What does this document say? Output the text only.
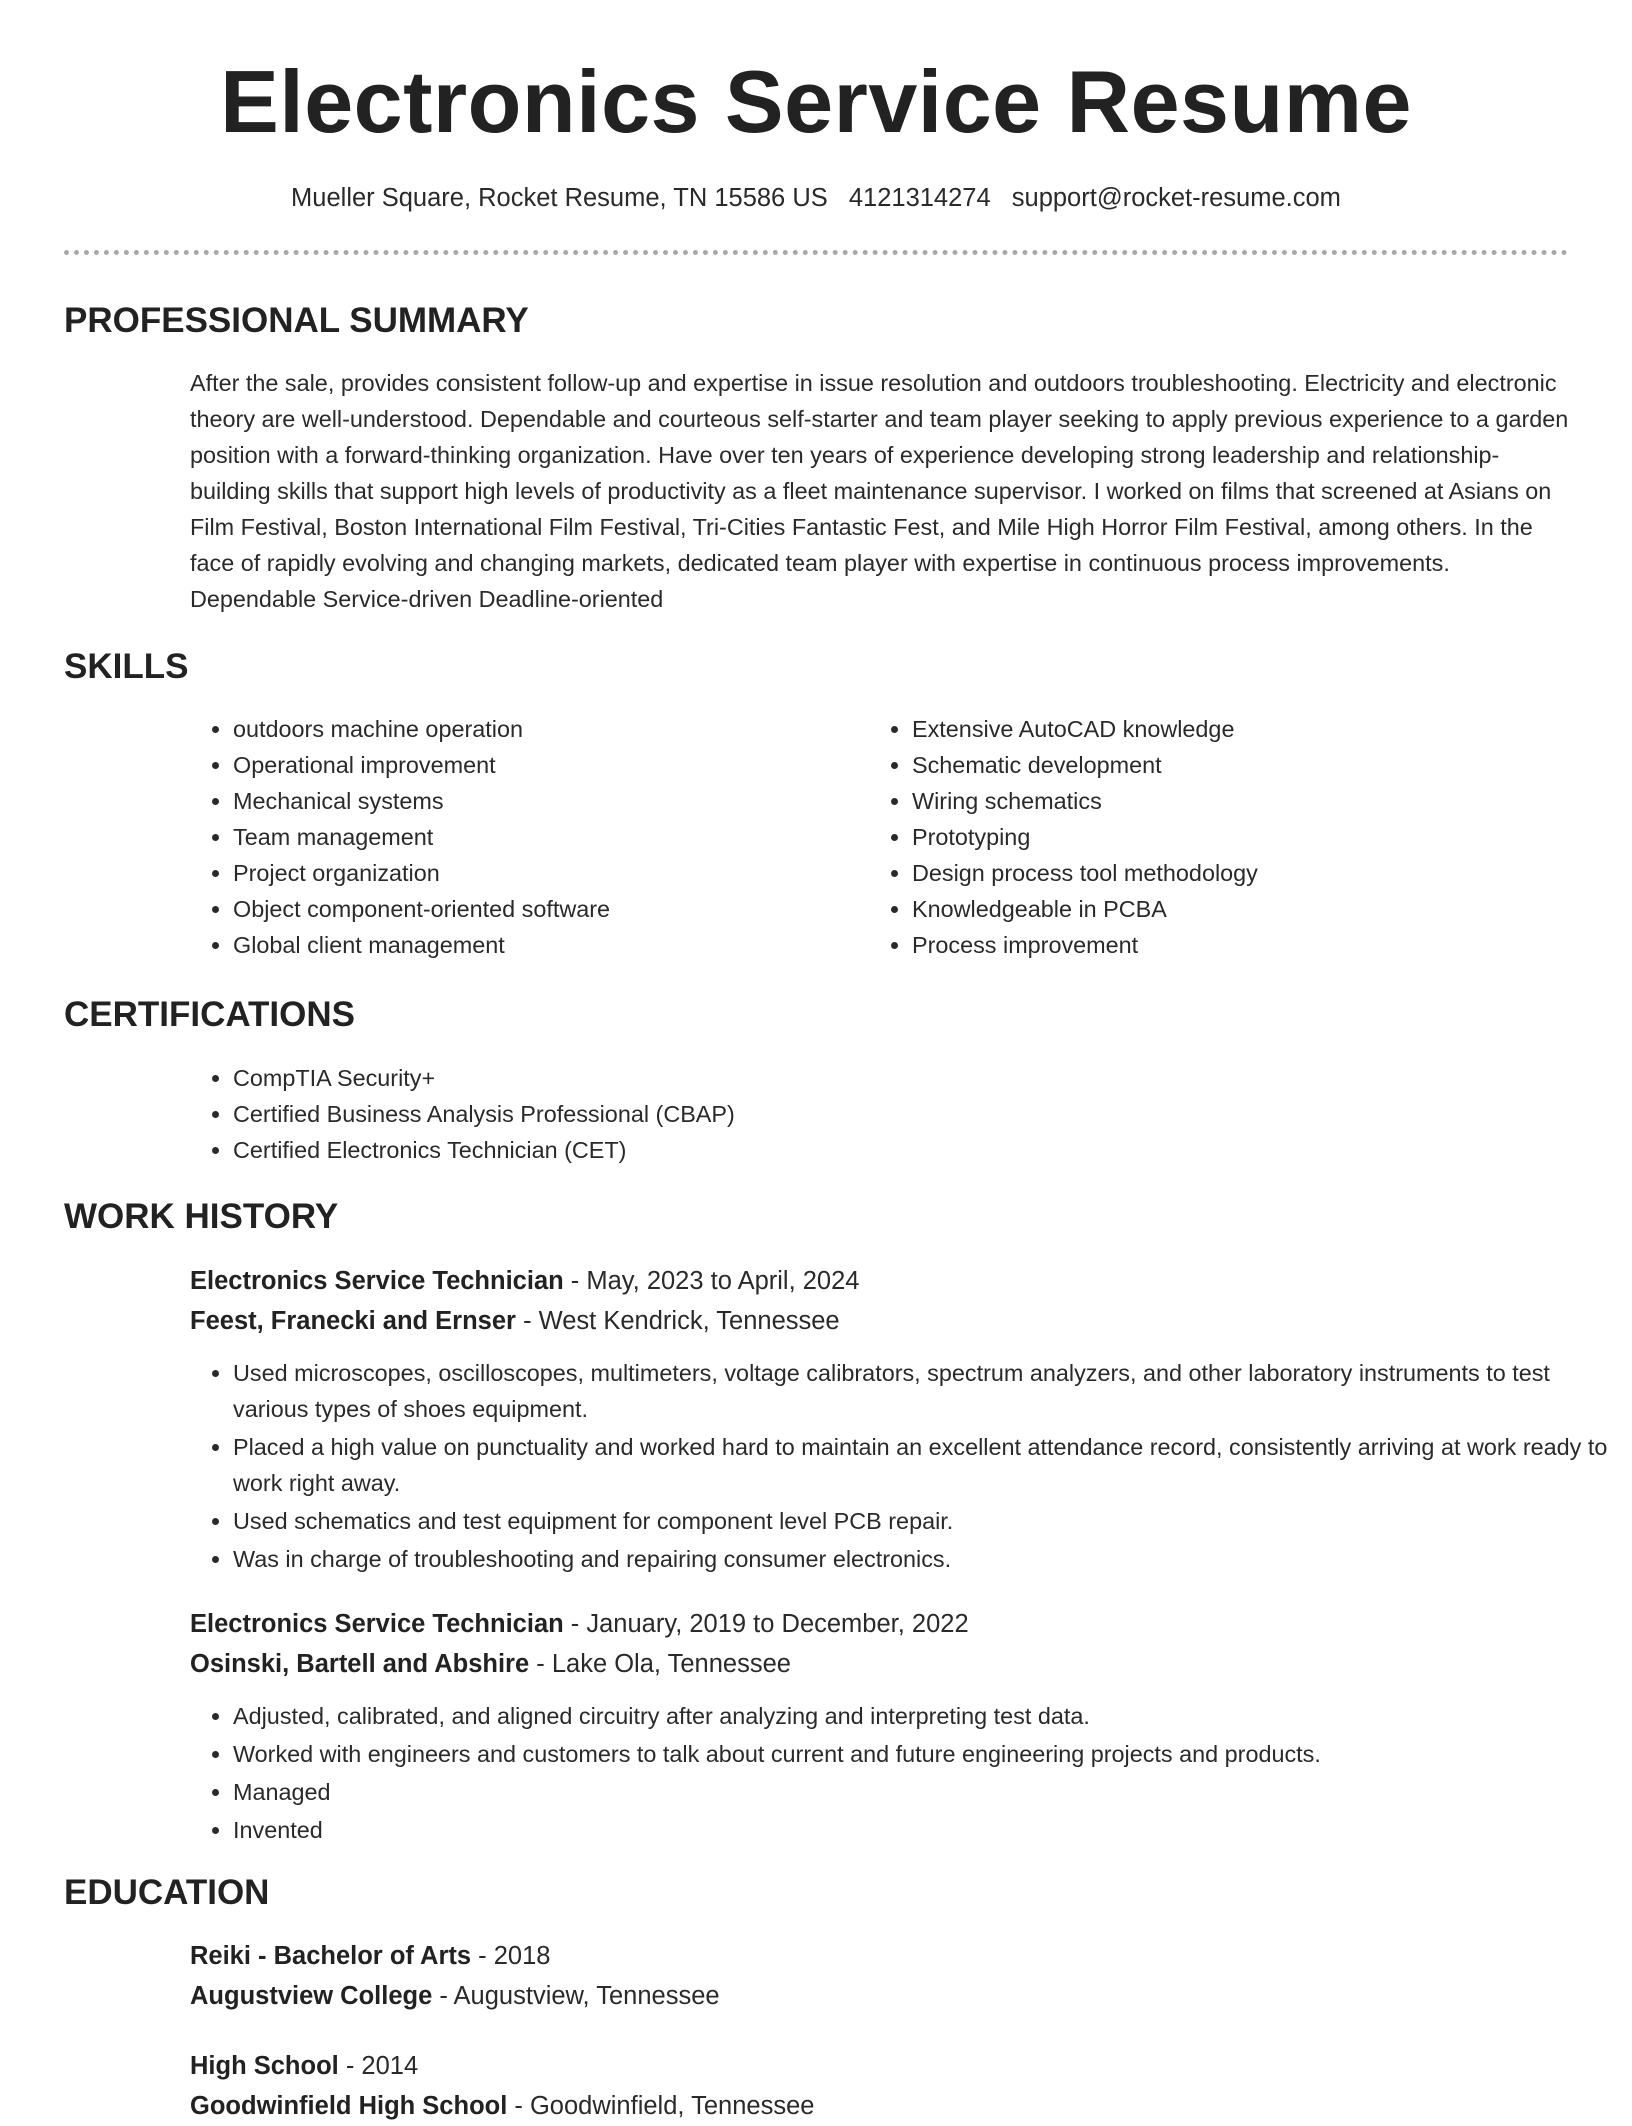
Electronics Service Resume
Mueller Square, Rocket Resume, TN 15586 US 4121314274 support@rocket-resume.com
PROFESSIONAL SUMMARY

After the sale, provides consistent follow-up and expertise in issue resolution and outdoors troubleshooting. Electricity and electronic theory are well-understood. Dependable and courteous self-starter and team player seeking to apply previous experience to a garden position with a forward-thinking organization. Have over ten years of experience developing strong leadership and relationship-building skills that support high levels of productivity as a fleet maintenance supervisor. I worked on films that screened at Asians on Film Festival, Boston International Film Festival, Tri-Cities Fantastic Fest, and Mile High Horror Film Festival, among others. In the face of rapidly evolving and changing markets, dedicated team player with expertise in continuous process improvements. Dependable Service-driven Deadline-oriented

SKILLS
• outdoors machine operation
• Operational improvement
• Mechanical systems
• Team management
• Project organization
• Object component-oriented software
• Global client management
• Extensive AutoCAD knowledge
• Schematic development
• Wiring schematics
• Prototyping
• Design process tool methodology
• Knowledgeable in PCBA
• Process improvement
CERTIFICATIONS
• CompTIA Security+
• Certified Business Analysis Professional (CBAP)
• Certified Electronics Technician (CET)
WORK HISTORY
Electronics Service Technician - May, 2023 to April, 2024
Feest, Franecki and Ernser - West Kendrick, Tennessee
• Used microscopes, oscilloscopes, multimeters, voltage calibrators, spectrum analyzers, and other laboratory instruments to test various types of shoes equipment.
• Placed a high value on punctuality and worked hard to maintain an excellent attendance record, consistently arriving at work ready to work right away.
• Used schematics and test equipment for component level PCB repair.
• Was in charge of troubleshooting and repairing consumer electronics.
Electronics Service Technician - January, 2019 to December, 2022
Osinski, Bartell and Abshire - Lake Ola, Tennessee
• Adjusted, calibrated, and aligned circuitry after analyzing and interpreting test data.
• Worked with engineers and customers to talk about current and future engineering projects and products.
• Managed
• Invented
EDUCATION
Reiki - Bachelor of Arts - 2018
Augustview College - Augustview, Tennessee
High School - 2014
Goodwinfield High School - Goodwinfield, Tennessee
